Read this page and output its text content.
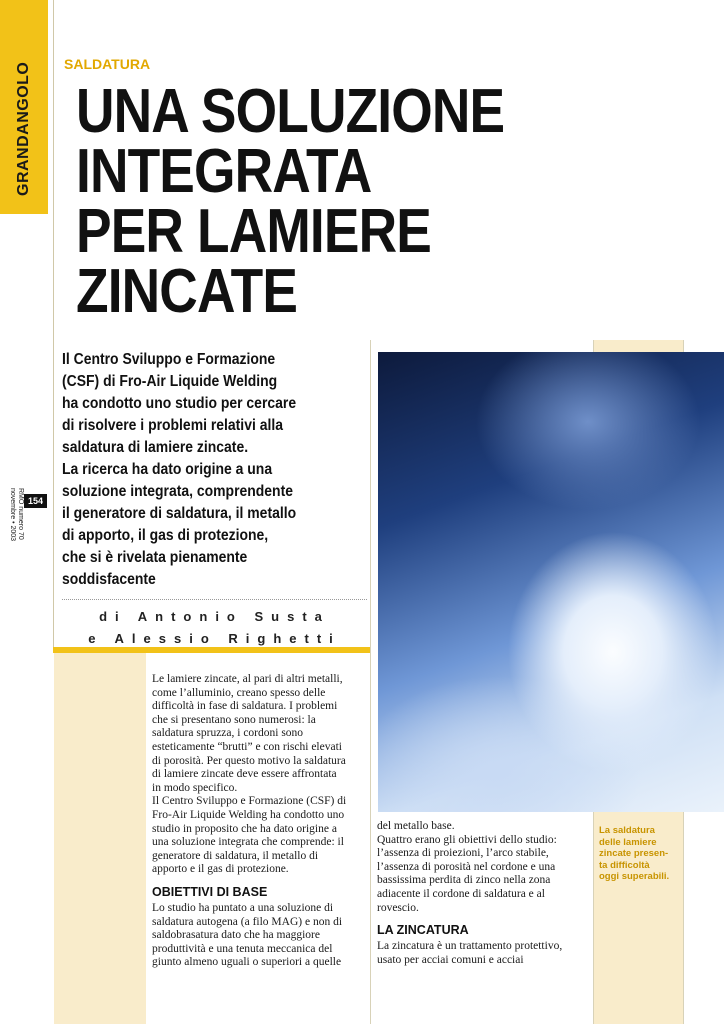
GRANDANGOLO
RMO numero 70
novembre • 2003	154
SALDATURA
UNA SOLUZIONE
INTEGRATA
PER LAMIERE
ZINCATE
Il Centro Sviluppo e Formazione
(CSF) di Fro-Air Liquide Welding
ha condotto uno studio per cercare
di risolvere i problemi relativi alla
saldatura di lamiere zincate.
La ricerca ha dato origine a una
soluzione integrata, comprendente
il generatore di saldatura, il metallo
di apporto, il gas di protezione,
che si è rivelata pienamente
soddisfacente
di Antonio Susta
e Alessio Righetti
Le lamiere zincate, al pari di altri metalli,
come l’alluminio, creano spesso delle
difficoltà in fase di saldatura. I problemi
che si presentano sono numerosi: la
saldatura spruzza, i cordoni sono
esteticamente “brutti” e con rischi elevati
di porosità. Per questo motivo la saldatura
di lamiere zincate deve essere affrontata
in modo specifico.
Il Centro Sviluppo e Formazione (CSF) di
Fro-Air Liquide Welding ha condotto uno
studio in proposito che ha dato origine a
una soluzione integrata che comprende: il
generatore di saldatura, il metallo di
apporto e il gas di protezione.
OBIETTIVI DI BASE
Lo studio ha puntato a una soluzione di
saldatura autogena (a filo MAG) e non di
saldobrasatura dato che ha maggiore
produttività e una tenuta meccanica del
giunto almeno uguali o superiori a quelle
del metallo base.
Quattro erano gli obiettivi dello studio:
l’assenza di proiezioni, l’arco stabile,
l’assenza di porosità nel cordone e una
bassissima perdita di zinco nella zona
adiacente il cordone di saldatura e al
rovescio.
LA ZINCATURA
La zincatura è un trattamento protettivo,
usato per acciai comuni e acciai
La saldatura
delle lamiere
zincate presen-
ta difficoltà
oggi superabili.
